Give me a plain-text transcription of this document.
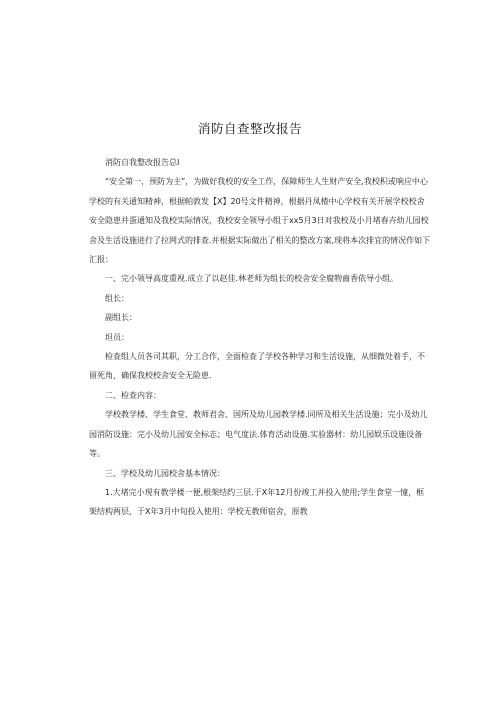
消防自查整改报告

消防自我整改报告总I

“安全第一，预防为主”，为做好我校的安全工作，保障师生人生财产安全,我校积或响应中心学校的有关通知精神，根据帕敦发【X】20号文件精神，根据丹凤楂中心学校有关开展学校校舍安全隐患并蛋通知及我校实际情况，我校安全领导小组于xx5月3日对我校及小月堵春卉幼儿园校舍及生活设施进行了拉网式的排查.并根据实际做出了相关的整改方案,现将本次排宜的情况作如下汇报：

一、完小领导高度重视.成立了以赵佳.林老师为组长的校舍安全腐物齒香依导小组。

组长：

副组长：

坦员：

检查组人员各司其职，分工合作，全面检查了学校各种学习和生活设施，从细微处着手，不留死角，确保我校校舍安全无险患.

二、检查内容：

学校教学楼、学生食堂、教师君舍、国所及幼儿园教学楼.同所及相关生活设施；完小及幼儿园消防设施：完小及幼儿园安全标志；电气度法.体育活动设施.实验器材：幼儿园娱乐设施设备等。

三、学校及幼儿园校舍基本情况：

1.大堵完小现有教学楼一便,根架结约三层.于X年12月份竣工并投入使用;学生食堂一憧，框架结构两层，于X年3月中旬投入使用：学校无教师宿舍，原教
